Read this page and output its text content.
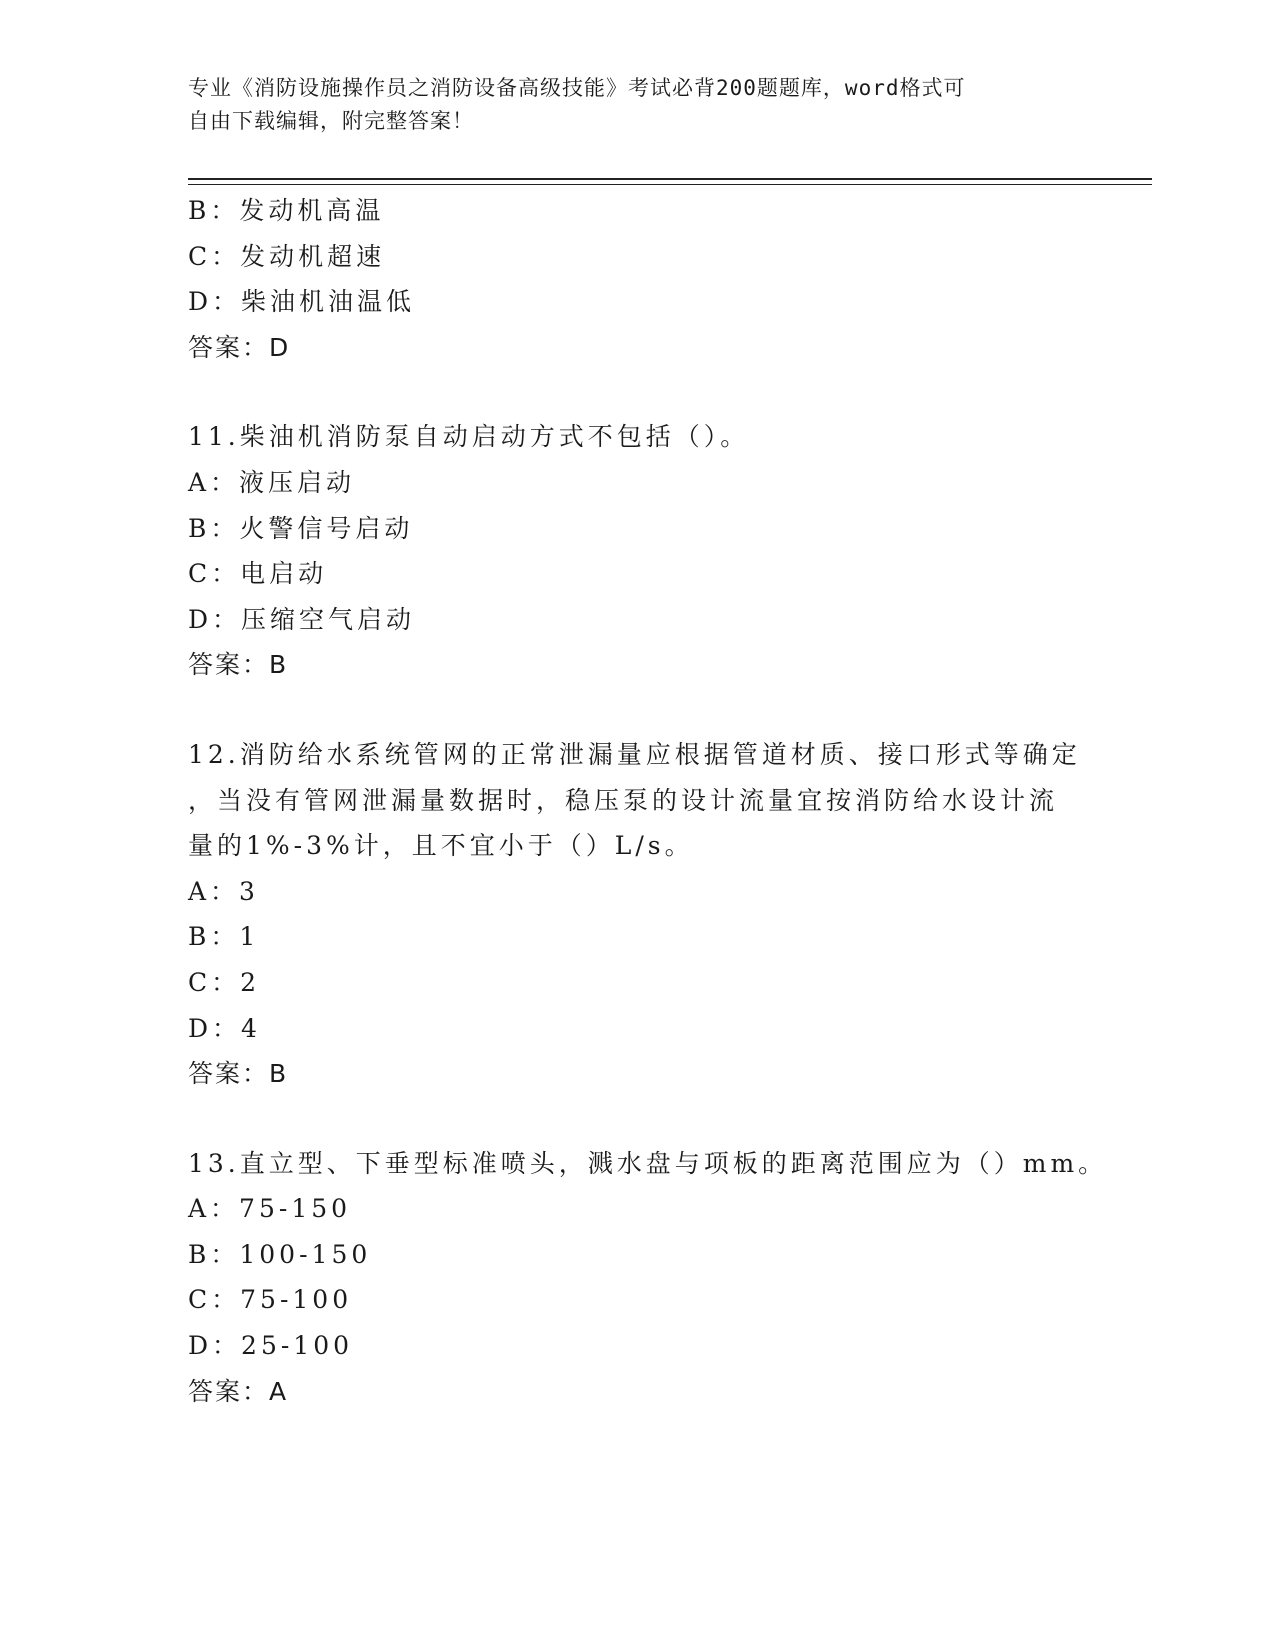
专业《消防设施操作员之消防设备高级技能》考试必背200题题库，word格式可
自由下载编辑，附完整答案！
B：发动机高温
C：发动机超速
D：柴油机油温低
答案：D
11.柴油机消防泵自动启动方式不包括（）。
A：液压启动
B：火警信号启动
C：电启动
D：压缩空气启动
答案：B
12.消防给水系统管网的正常泄漏量应根据管道材质、接口形式等确定
，当没有管网泄漏量数据时，稳压泵的设计流量宜按消防给水设计流
量的1%-3%计，且不宜小于（）L/s。
A：3
B：1
C：2
D：4
答案：B
13.直立型、下垂型标准喷头，溅水盘与项板的距离范围应为（）mm。
A：75-150
B：100-150
C：75-100
D：25-100
答案：A
